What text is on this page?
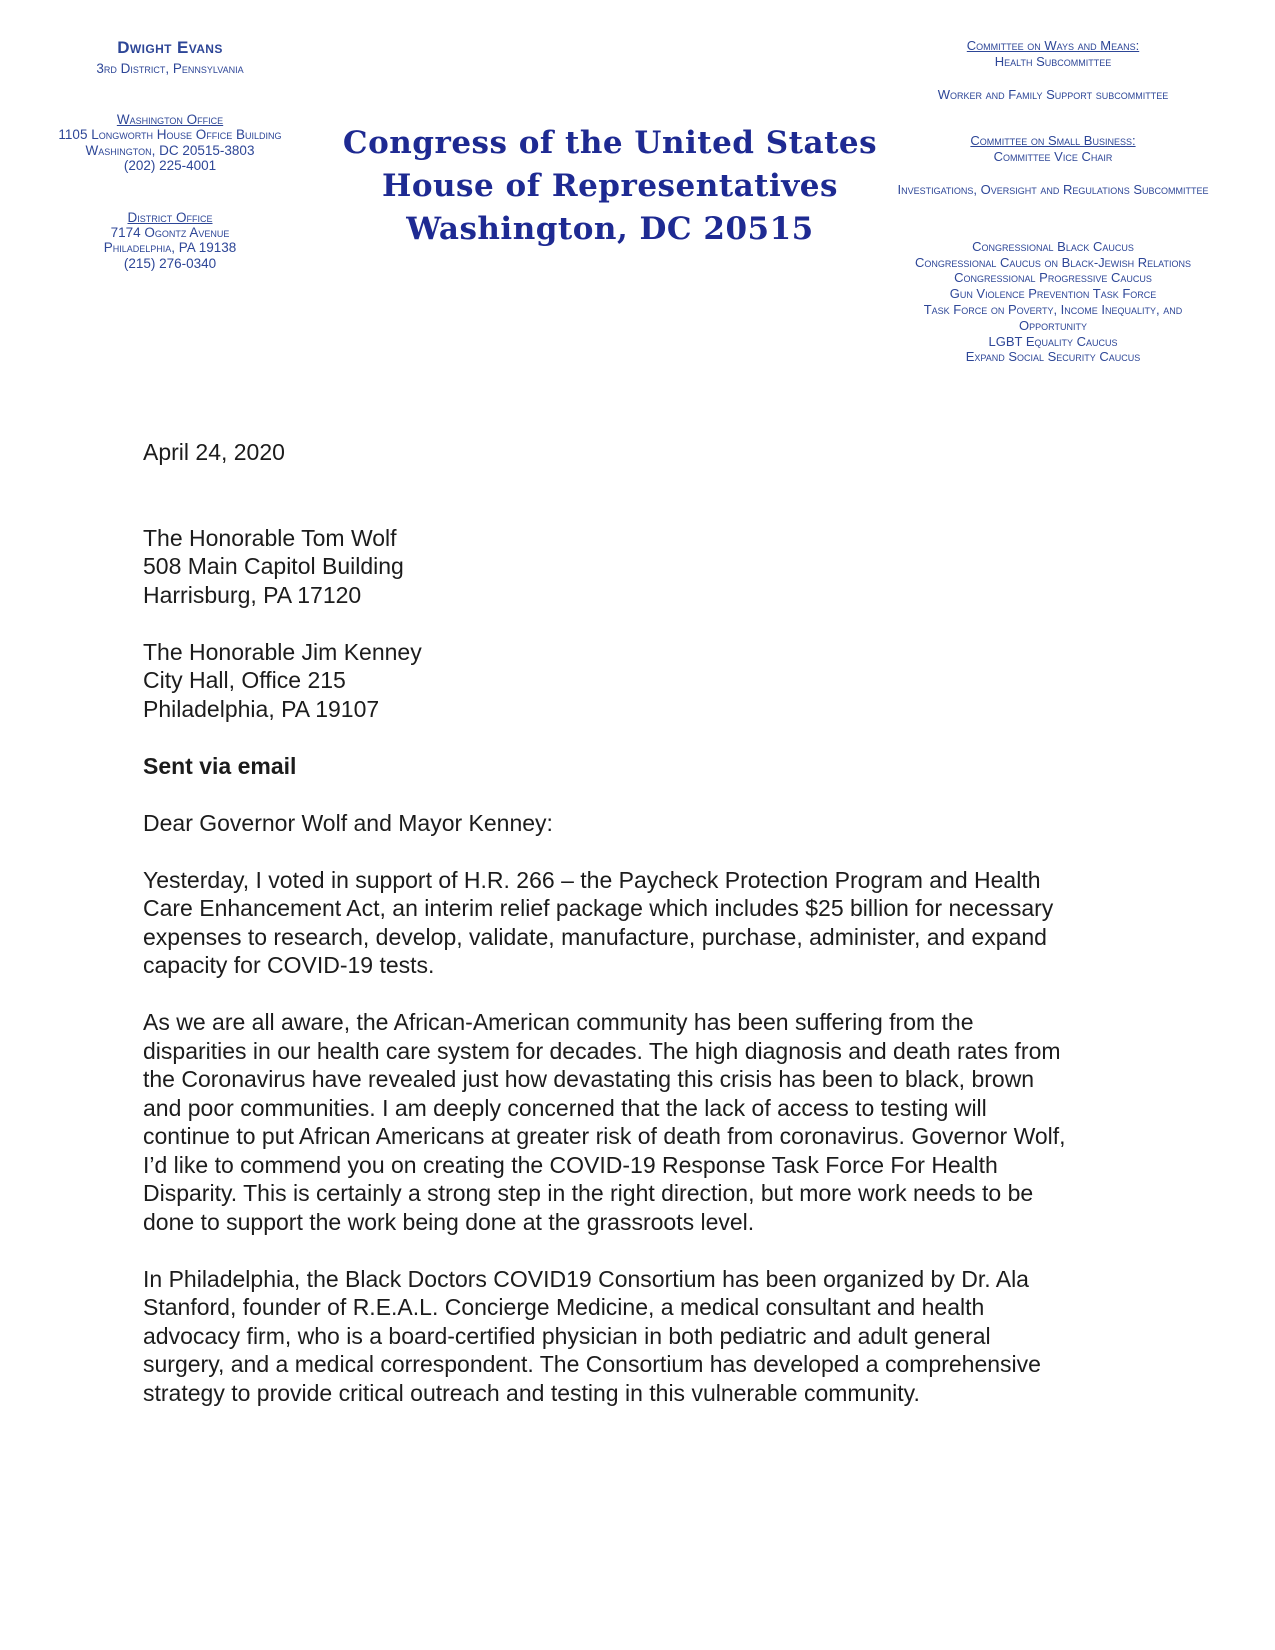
Dwight Evans
3rd District, Pennsylvania
Washington Office
1105 Longworth House Office Building
Washington, DC 20515-3803
(202) 225-4001
District Office
7174 Ogontz Avenue
Philadelphia, PA 19138
(215) 276-0340
Congress of the United States
House of Representatives
Washington, DC 20515
Committee on Ways and Means:
Health Subcommittee
Worker and Family Support subcommittee
Committee on Small Business:
Committee Vice Chair
Investigations, Oversight and Regulations Subcommittee
Congressional Black Caucus
Congressional Caucus on Black-Jewish Relations
Congressional Progressive Caucus
Gun Violence Prevention Task Force
Task Force on Poverty, Income Inequality, and Opportunity
LGBT Equality Caucus
Expand Social Security Caucus
April 24, 2020
The Honorable Tom Wolf
508 Main Capitol Building
Harrisburg, PA 17120
The Honorable Jim Kenney
City Hall, Office 215
Philadelphia, PA 19107
Sent via email
Dear Governor Wolf and Mayor Kenney:

Yesterday, I voted in support of H.R. 266 – the Paycheck Protection Program and Health Care Enhancement Act, an interim relief package which includes $25 billion for necessary expenses to research, develop, validate, manufacture, purchase, administer, and expand capacity for COVID-19 tests.

As we are all aware, the African-American community has been suffering from the disparities in our health care system for decades. The high diagnosis and death rates from the Coronavirus have revealed just how devastating this crisis has been to black, brown and poor communities. I am deeply concerned that the lack of access to testing will continue to put African Americans at greater risk of death from coronavirus. Governor Wolf, I’d like to commend you on creating the COVID-19 Response Task Force For Health Disparity. This is certainly a strong step in the right direction, but more work needs to be done to support the work being done at the grassroots level.

In Philadelphia, the Black Doctors COVID19 Consortium has been organized by Dr. Ala Stanford, founder of R.E.A.L. Concierge Medicine, a medical consultant and health advocacy firm, who is a board-certified physician in both pediatric and adult general surgery, and a medical correspondent. The Consortium has developed a comprehensive strategy to provide critical outreach and testing in this vulnerable community.
